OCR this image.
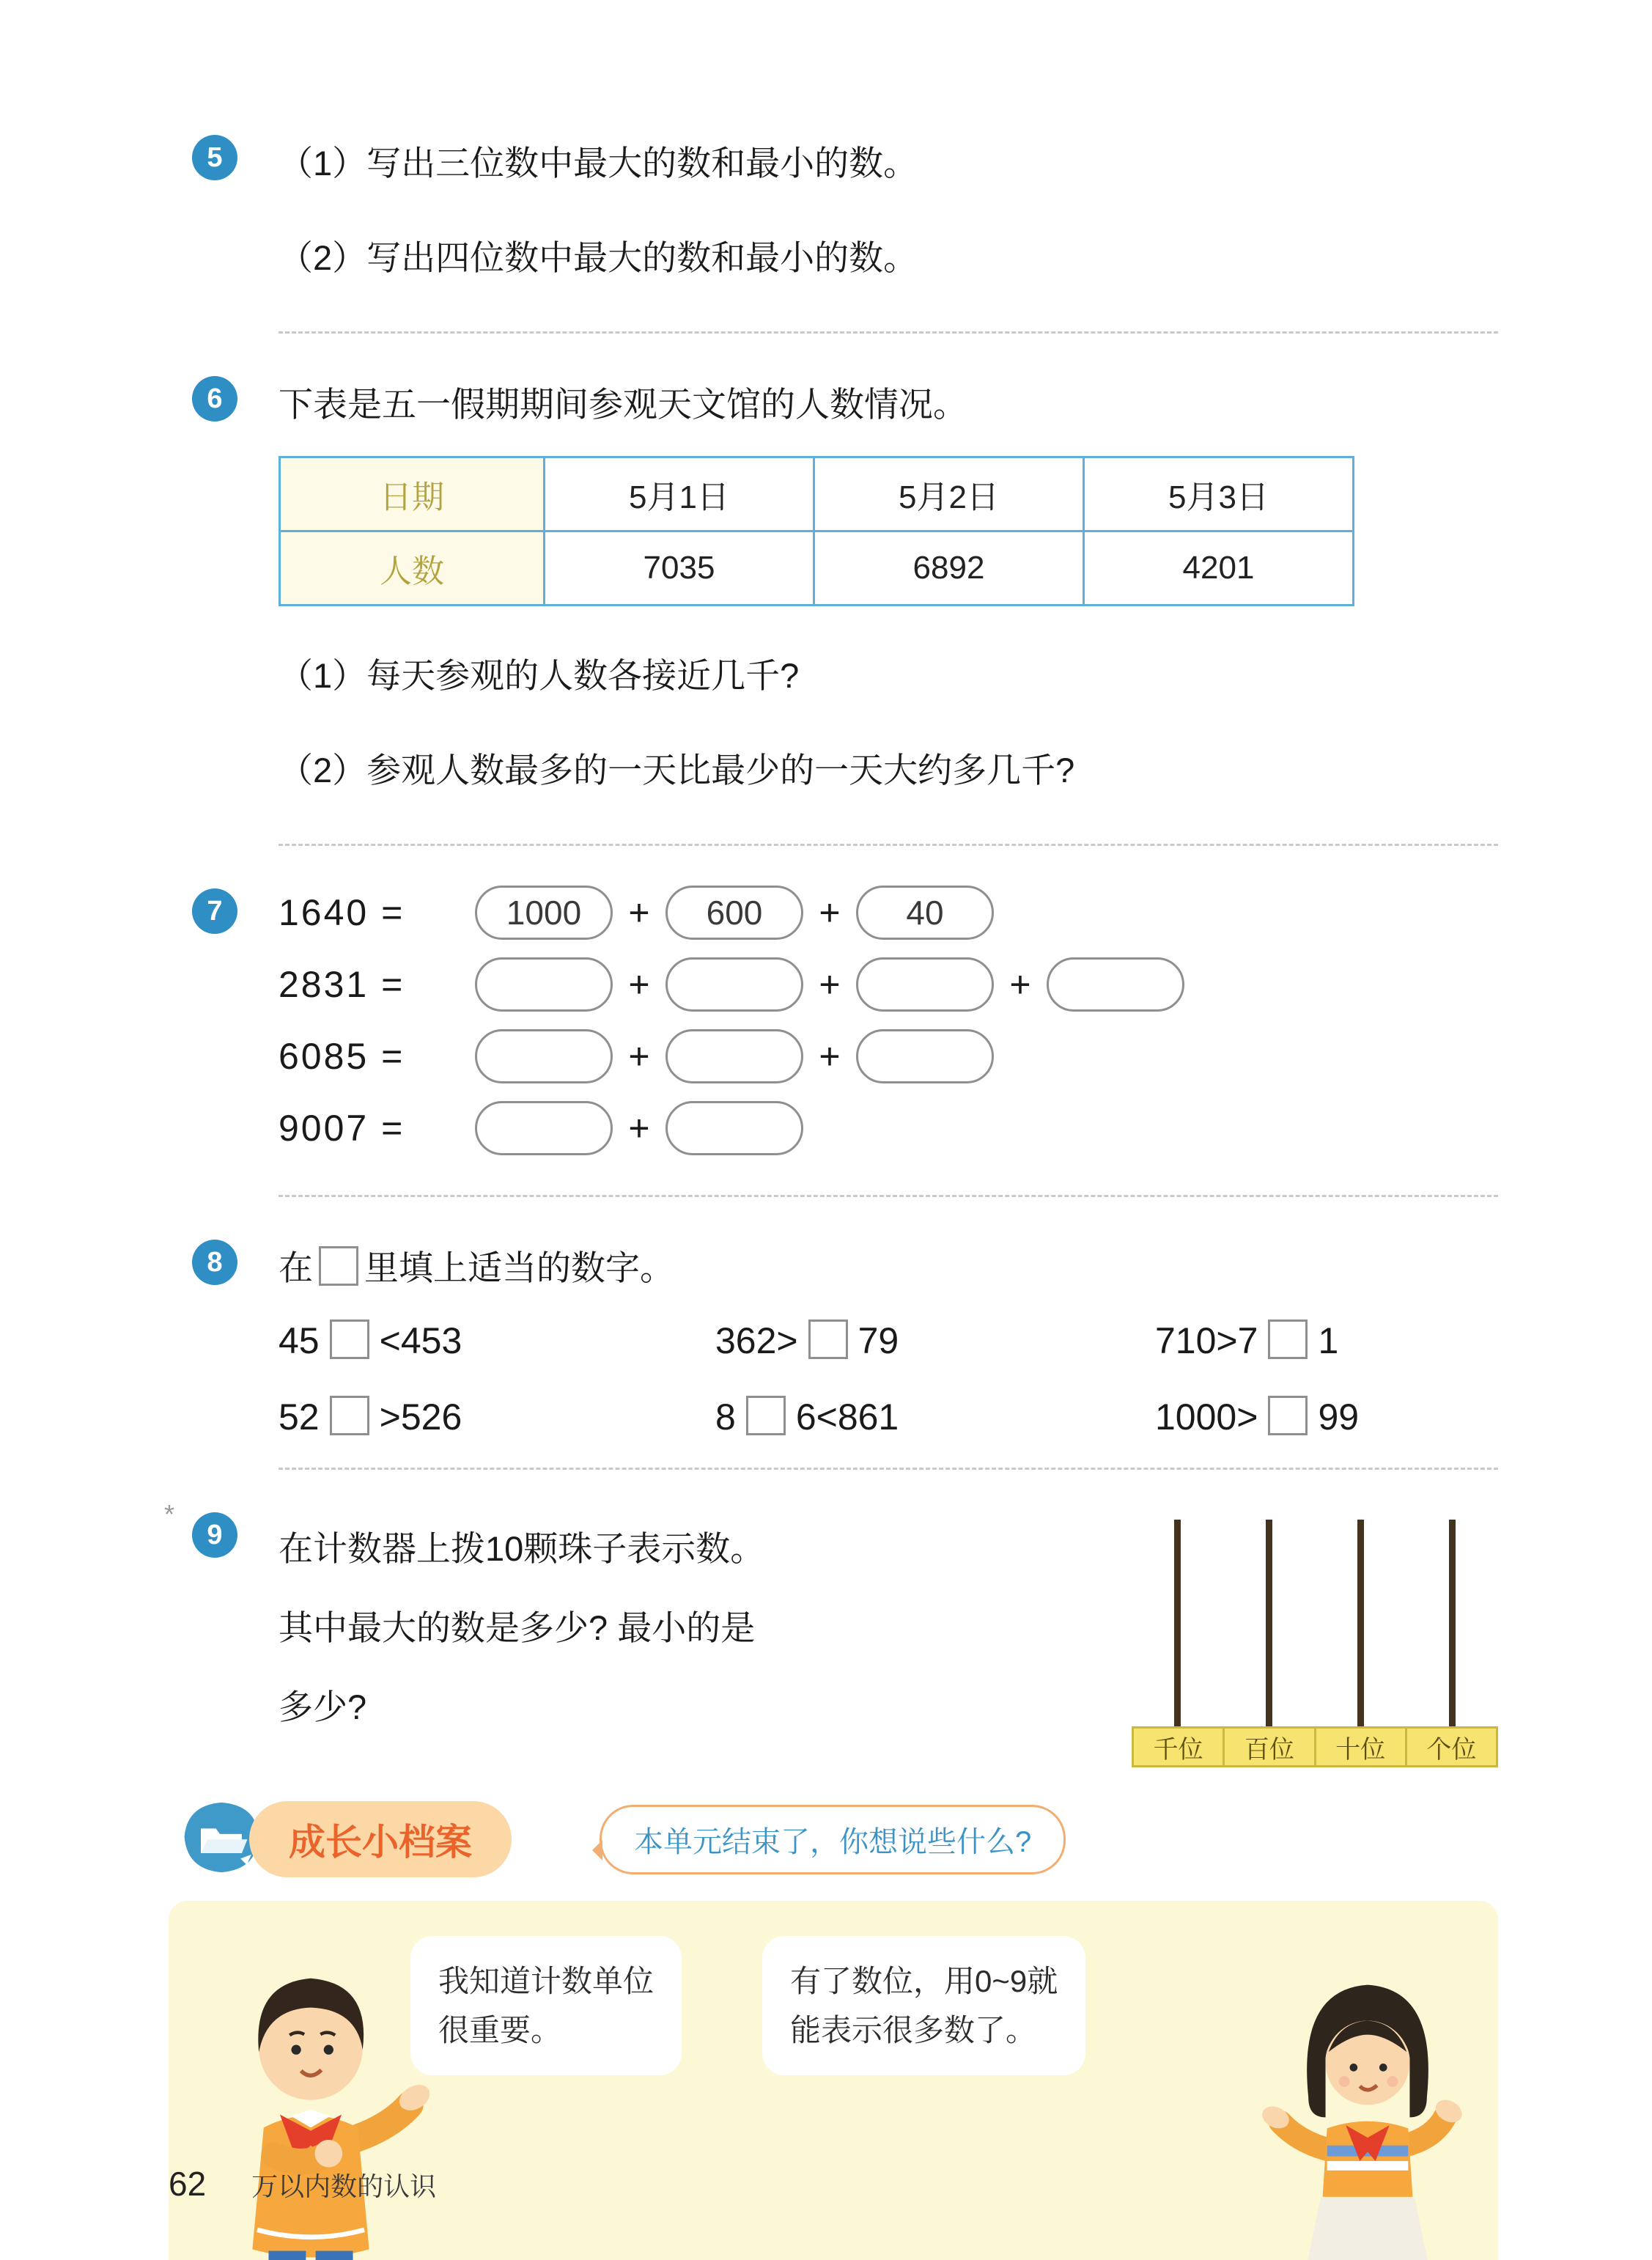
5	（1）写出三位数中最大的数和最小的数。

（2）写出四位数中最大的数和最小的数。

6	下表是五一假期期间参观天文馆的人数情况。

日期	5月1日	5月2日	5月3日
人数	7035	6892	4201

（1）每天参观的人数各接近几千?

（2）参观人数最多的一天比最少的一天大约多几千?

7	1640 =	1000	+	600	+	40
2831 =	+	+	+
6085 =	+	+
9007 =	+
8	在 里填上适当的数字。

45 <453	362> 79	710>7 1
52 >526	8 6<861	1000> 99
*
9	在计数器上拨10颗珠子表示数。

其中最大的数是多少? 最小的是

多少?

千位	百位	十位	个位
成长小档案	本单元结束了，你想说些什么?

我知道计数单位

很重要。

有了数位，用0~9就

能表示很多数了。

62 万以内数的认识
